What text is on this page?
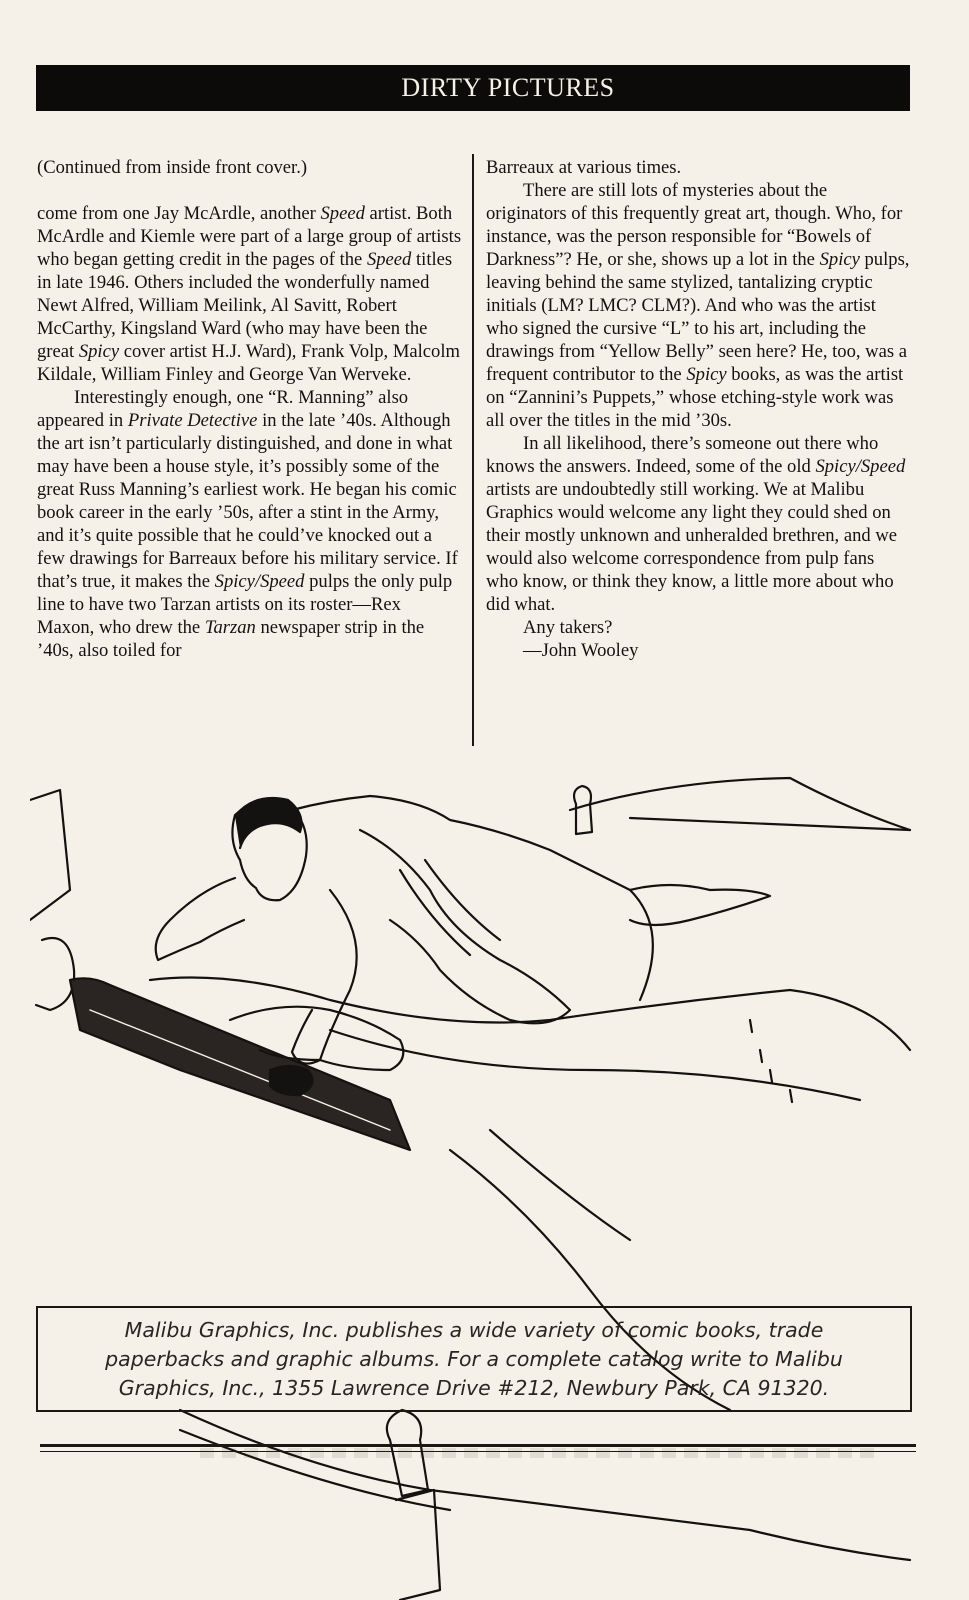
DIRTY PICTURES

(Continued from inside front cover.)

come from one Jay McArdle, another Speed artist. Both McArdle and Kiemle were part of a large group of artists who began getting credit in the pages of the Speed titles in late 1946. Others included the wonderfully named Newt Alfred, William Meilink, Al Savitt, Robert McCarthy, Kingsland Ward (who may have been the great Spicy cover artist H.J. Ward), Frank Volp, Malcolm Kildale, William Finley and George Van Werveke.

Interestingly enough, one “R. Manning” also appeared in Private Detective in the late ’40s. Although the art isn’t particularly distinguished, and done in what may have been a house style, it’s possibly some of the great Russ Manning’s earliest work. He began his comic book career in the early ’50s, after a stint in the Army, and it’s quite possible that he could’ve knocked out a few drawings for Barreaux before his military service. If that’s true, it makes the Spicy/Speed pulps the only pulp line to have two Tarzan artists on its roster—Rex Maxon, who drew the Tarzan newspaper strip in the ’40s, also toiled for

Barreaux at various times.

There are still lots of mysteries about the originators of this frequently great art, though. Who, for instance, was the person responsible for “Bowels of Darkness”? He, or she, shows up a lot in the Spicy pulps, leaving behind the same stylized, tantalizing cryptic initials (LM? LMC? CLM?). And who was the artist who signed the cursive “L” to his art, including the drawings from “Yellow Belly” seen here? He, too, was a frequent contributor to the Spicy books, as was the artist on “Zannini’s Puppets,” whose etching-style work was all over the titles in the mid ’30s.

In all likelihood, there’s someone out there who knows the answers. Indeed, some of the old Spicy/Speed artists are undoubtedly still working. We at Malibu Graphics would welcome any light they could shed on their mostly unknown and unheralded brethren, and we would also welcome correspondence from pulp fans who know, or think they know, a little more about who did what.

Any takers?

—John Wooley

Malibu Graphics, Inc. publishes a wide variety of comic books, trade
paperbacks and graphic albums. For a complete catalog write to Malibu
Graphics, Inc., 1355 Lawrence Drive #212, Newbury Park, CA 91320.
